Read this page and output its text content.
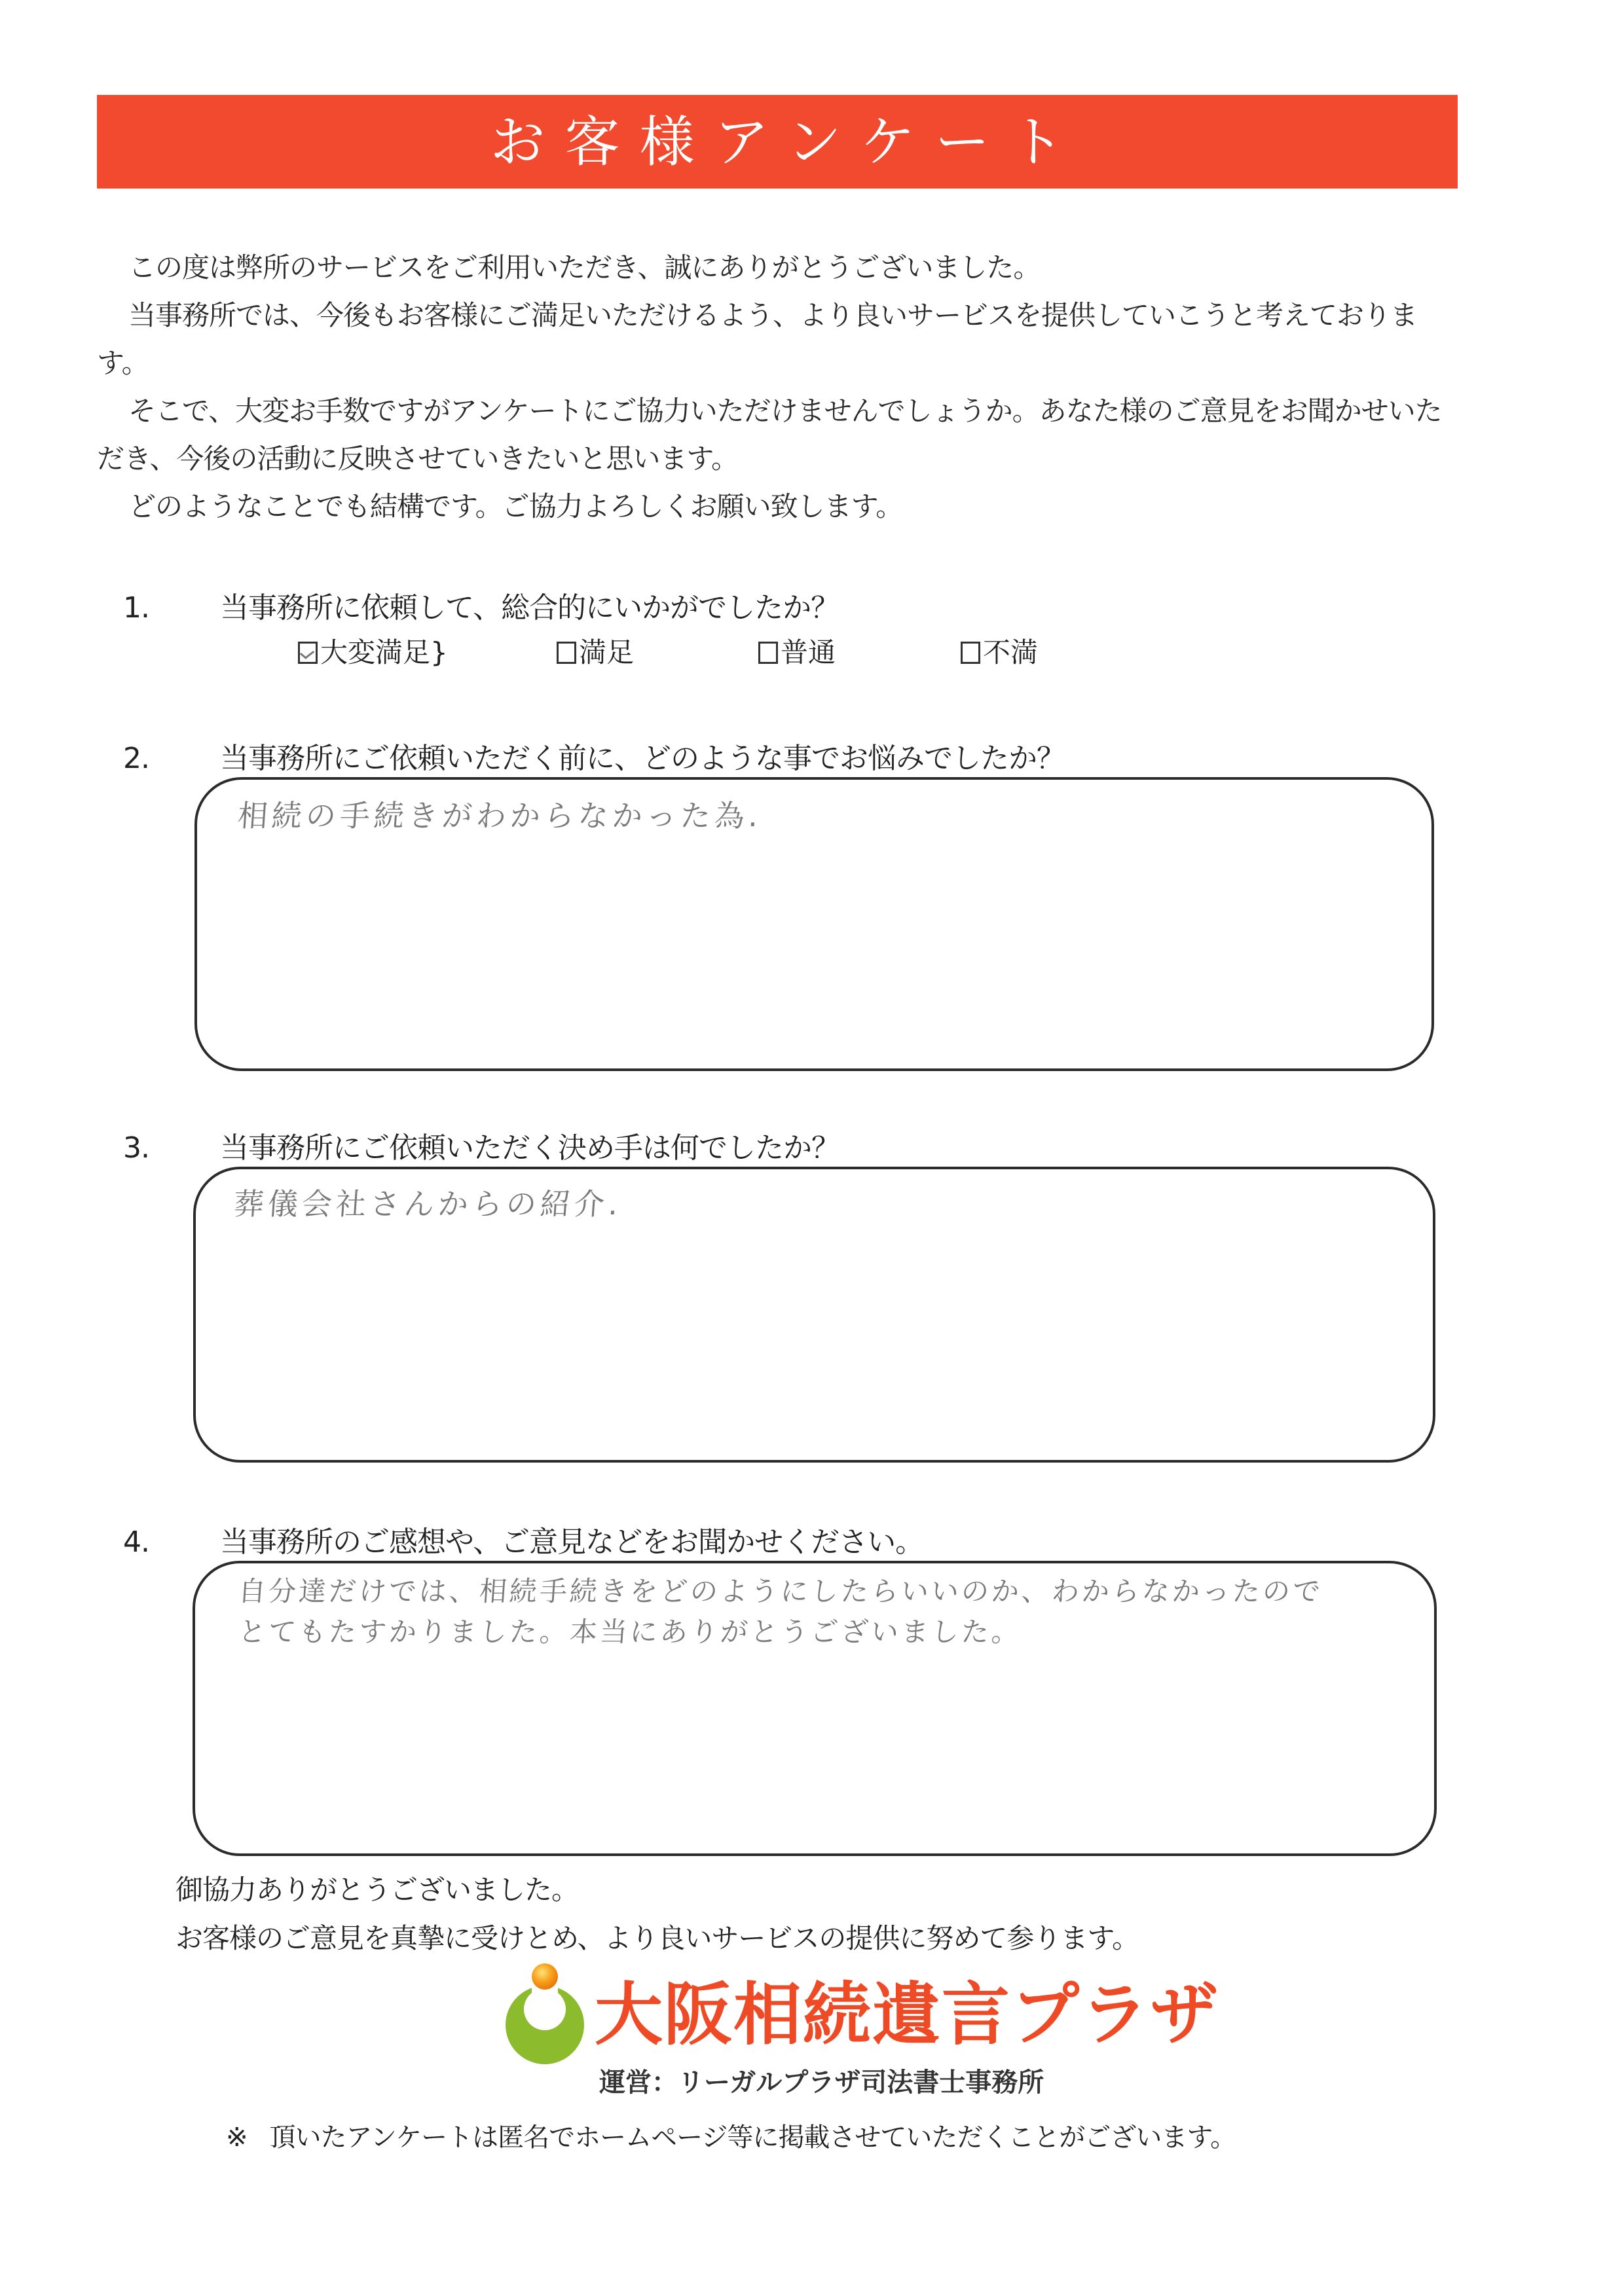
お客様アンケート

この度は弊所のサービスをご利用いただき、誠にありがとうございました。

当事務所では、今後もお客様にご満足いただけるよう、より良いサービスを提供していこうと考えております。

そこで、大変お手数ですがアンケートにご協力いただけませんでしょうか。あなた様のご意見をお聞かせいただき、今後の活動に反映させていきたいと思います。

どのようなことでも結構です。ご協力よろしくお願い致します。

1.	当事務所に依頼して、総合的にいかがでしたか？
大変満足 }	満足	普通	不満
2.	当事務所にご依頼いただく前に、どのような事でお悩みでしたか？
相続の手続きがわからなかった為.
3.	当事務所にご依頼いただく決め手は何でしたか？
葬儀会社さんからの紹介.
4.	当事務所のご感想や、ご意見などをお聞かせください。
自分達だけでは、相続手続きをどのようにしたらいいのか、わからなかったので
とてもたすかりました。本当にありがとうございました。
御協力ありがとうございました。
お客様のご意見を真摯に受けとめ、より良いサービスの提供に努めて参ります。
大阪相続遺言プラザ
運営：リーガルプラザ司法書士事務所
※ 頂いたアンケートは匿名でホームページ等に掲載させていただくことがございます。
